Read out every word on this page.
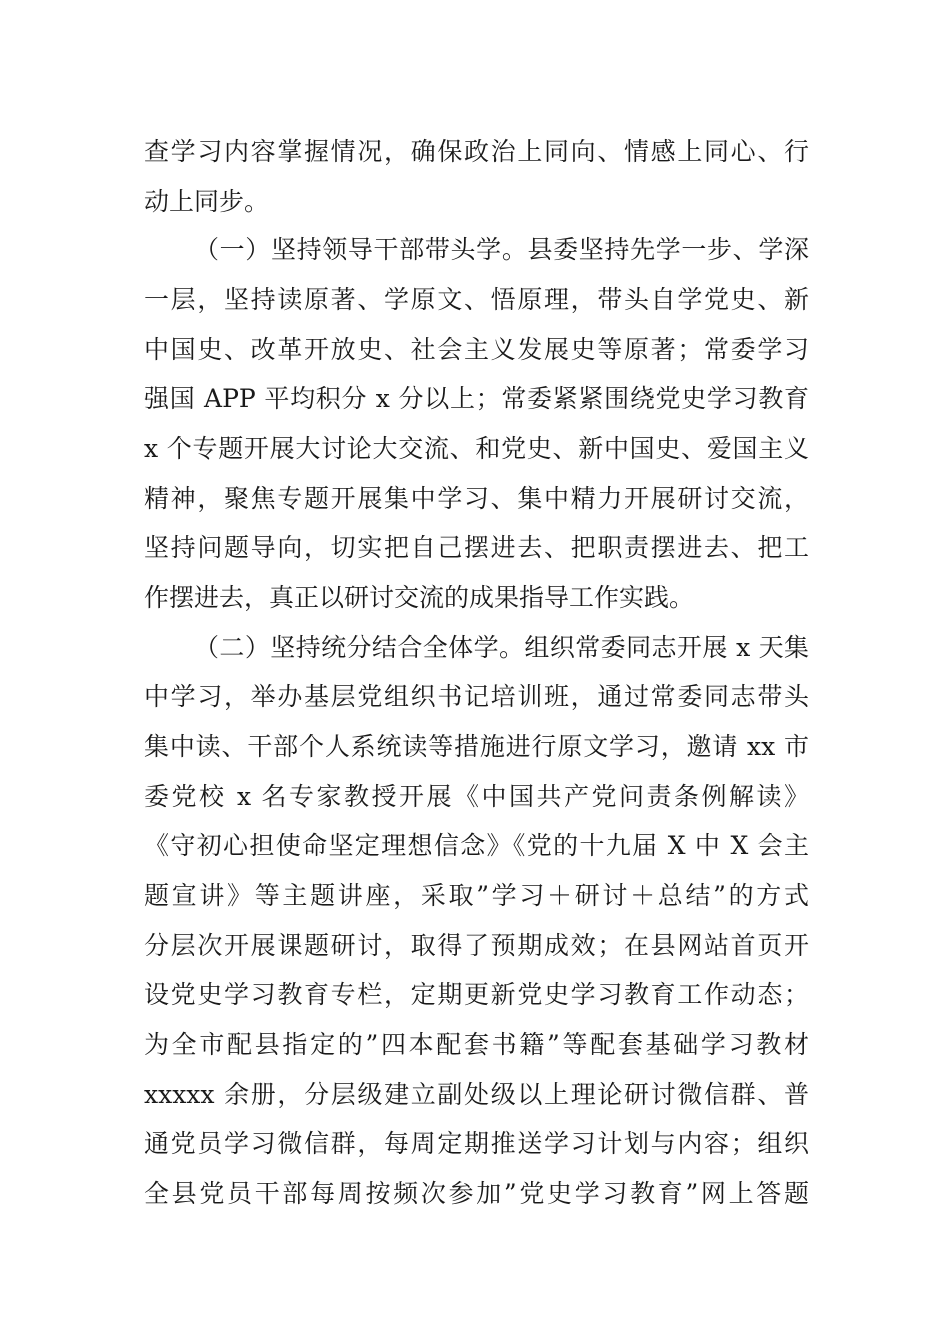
查学习内容掌握情况，确保政治上同向、情感上同心、行
动上同步。
（一）坚持领导干部带头学。县委坚持先学一步、学深
一层，坚持读原著、学原文、悟原理，带头自学党史、新
中国史、改革开放史、社会主义发展史等原著；常委学习
强国 APP 平均积分 x 分以上；常委紧紧围绕党史学习教育
x 个专题开展大讨论大交流、和党史、新中国史、爱国主义
精神，聚焦专题开展集中学习、集中精力开展研讨交流，
坚持问题导向，切实把自己摆进去、把职责摆进去、把工
作摆进去，真正以研讨交流的成果指导工作实践。
（二）坚持统分结合全体学。组织常委同志开展 x 天集
中学习，举办基层党组织书记培训班，通过常委同志带头
集中读、干部个人系统读等措施进行原文学习，邀请 xx 市
委党校 x 名专家教授开展《中国共产党问责条例解读》
《守初心担使命坚定理想信念》《党的十九届 X 中 X 会主
题宣讲》等主题讲座，采取”学习＋研讨＋总结”的方式
分层次开展课题研讨，取得了预期成效；在县网站首页开
设党史学习教育专栏，定期更新党史学习教育工作动态；
为全市配县指定的”四本配套书籍”等配套基础学习教材
xxxxx 余册，分层级建立副处级以上理论研讨微信群、普
通党员学习微信群，每周定期推送学习计划与内容；组织
全县党员干部每周按频次参加”党史学习教育”网上答题
